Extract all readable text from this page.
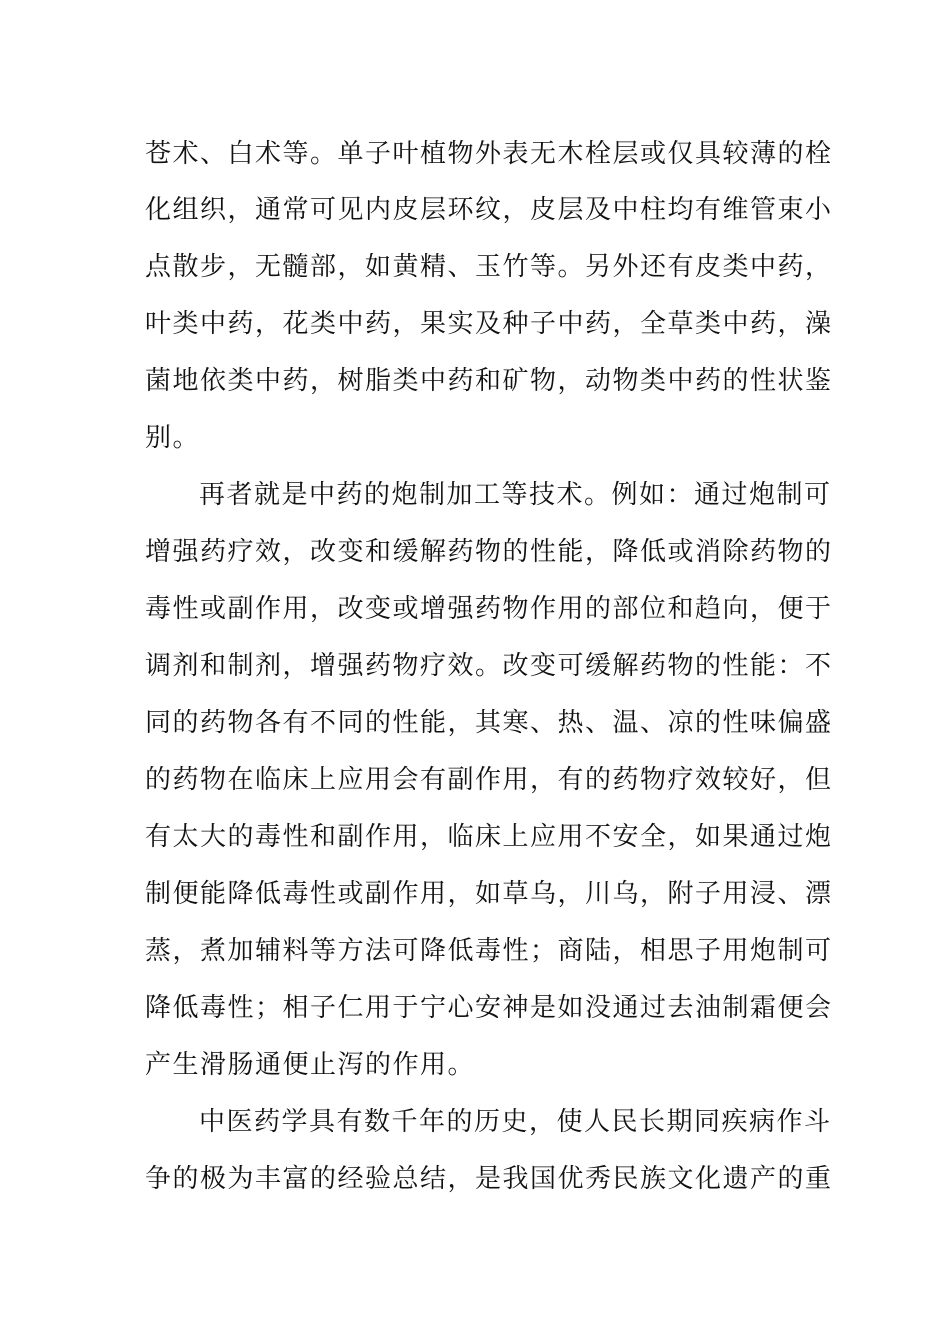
苍术、白术等。单子叶植物外表无木栓层或仅具较薄的栓
化组织，通常可见内皮层环纹，皮层及中柱均有维管束小
点散步，无髓部，如黄精、玉竹等。另外还有皮类中药，
叶类中药，花类中药，果实及种子中药，全草类中药，澡
菌地依类中药，树脂类中药和矿物，动物类中药的性状鉴
别。
再者就是中药的炮制加工等技术。例如：通过炮制可
增强药疗效，改变和缓解药物的性能，降低或消除药物的
毒性或副作用，改变或增强药物作用的部位和趋向，便于
调剂和制剂，增强药物疗效。改变可缓解药物的性能：不
同的药物各有不同的性能，其寒、热、温、凉的性味偏盛
的药物在临床上应用会有副作用，有的药物疗效较好，但
有太大的毒性和副作用，临床上应用不安全，如果通过炮
制便能降低毒性或副作用，如草乌，川乌，附子用浸、漂
蒸，煮加辅料等方法可降低毒性；商陆，相思子用炮制可
降低毒性；相子仁用于宁心安神是如没通过去油制霜便会
产生滑肠通便止泻的作用。
中医药学具有数千年的历史，使人民长期同疾病作斗
争的极为丰富的经验总结，是我国优秀民族文化遗产的重
